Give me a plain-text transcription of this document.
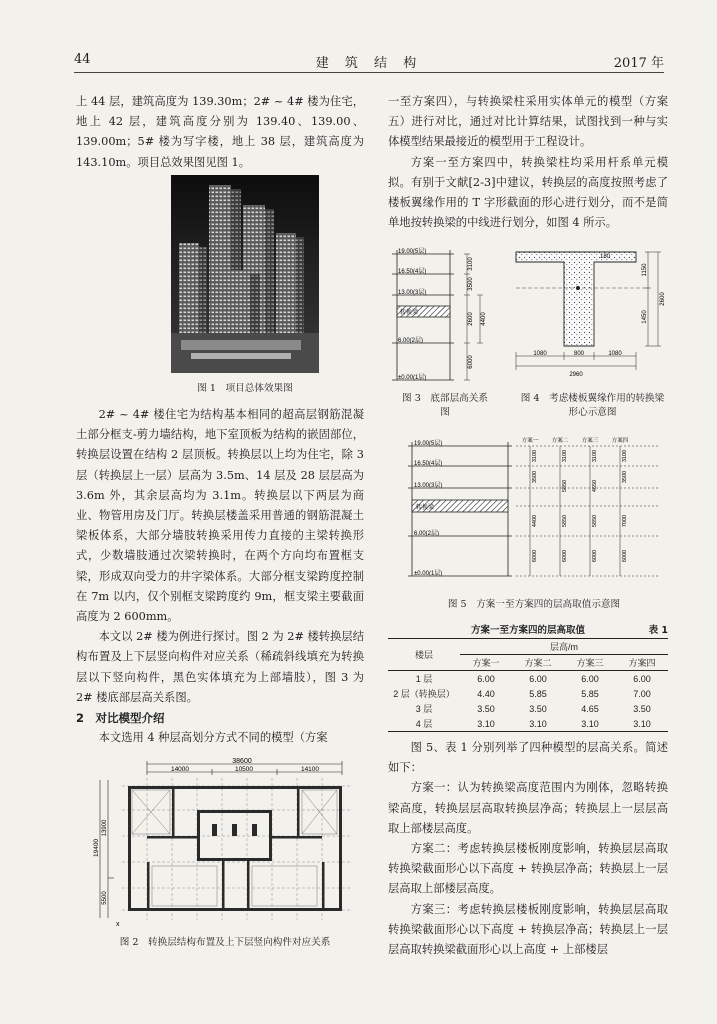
44	建 筑 结 构	2017 年

上 44 层，建筑高度为 139.30m；2# ~ 4# 楼为住宅，地上 42 层，建筑高度分别为 139.40、139.00、139.00m；5# 楼为写字楼，地上 38 层，建筑高度为 143.10m。项目总效果图见图 1。

图 1　项目总体效果图

2# ~ 4# 楼住宅为结构基本相同的超高层钢筋混凝土部分框支-剪力墙结构，地下室顶板为结构的嵌固部位，转换层设置在结构 2 层顶板。转换层以上均为住宅，除 3 层（转换层上一层）层高为 3.5m、14 层及 28 层层高为 3.6m 外，其余层高均为 3.1m。转换层以下两层为商业、物管用房及门厅。转换层楼盖采用普通的钢筋混凝土梁板体系，大部分墙肢转换采用传力直接的主梁转换形式，少数墙肢通过次梁转换时，在两个方向均布置框支梁，形成双向受力的井字梁体系。大部分框支梁跨度控制在 7m 以内，仅个别框支梁跨度约 9m，框支梁主要截面高度为 2 600mm。

本文以 2# 楼为例进行探讨。图 2 为 2# 楼转换层结构布置及上下层竖向构件对应关系（稀疏斜线填充为转换层以下竖向构件，黑色实体填充为上部墙肢），图 3 为 2# 楼底部层高关系图。

2　对比模型介绍

本文选用 4 种层高划分方式不同的模型（方案

38600
14000	10500	14100
19400
13900
5500
x
图 2　转换层结构布置及上下层竖向构件对应关系

一至方案四），与转换梁柱采用实体单元的模型（方案五）进行对比，通过对比计算结果，试图找到一种与实体模型结果最接近的模型用于工程设计。

方案一至方案四中，转换梁柱均采用杆系单元模拟。有别于文献[2-3]中建议，转换层的高度按照考虑了楼板翼缘作用的 T 字形截面的形心进行划分，而不是简单地按转换梁的中线进行划分，如图 4 所示。

19.00(5层)
16.50(4层)
13.00(3层)
转换梁
6.00(2层)
±0.00(1层)
3100
3500
2600 4400
6000
图 3　底部层高关系图
180
1150
1450
2600
1080	800	1080
2960
图 4　考虑楼板翼缘作用的转换梁形心示意图
19.00(5层)
16.50(4层)
13.00(3层)
转换梁
6.00(2层)
±0.00(1层)
方案一 方案二 方案三 方案四
3100
3500
4400
6000
3100
5850
5850
6000
3100
4650
5850
6000
3100
3500
7000
6000
图 5　方案一至方案四的层高取值示意图
方案一至方案四的层高取值	表 1
楼层	层高/m			
	方案一	方案二	方案三	方案四
1 层	6.00	6.00	6.00	6.00
2 层（转换层）	4.40	5.85	5.85	7.00
3 层	3.50	3.50	4.65	3.50
4 层	3.10	3.10	3.10	3.10

图 5、表 1 分别列举了四种模型的层高关系。简述如下：

方案一：认为转换梁高度范围内为刚体，忽略转换梁高度，转换层层高取转换层净高；转换层上一层层高取上部楼层高度。

方案二：考虑转换层楼板刚度影响，转换层层高取转换梁截面形心以下高度 + 转换层净高；转换层上一层层高取上部楼层高度。

方案三：考虑转换层楼板刚度影响，转换层层高取转换梁截面形心以下高度 + 转换层净高；转换层上一层层高取转换梁截面形心以上高度 + 上部楼层
